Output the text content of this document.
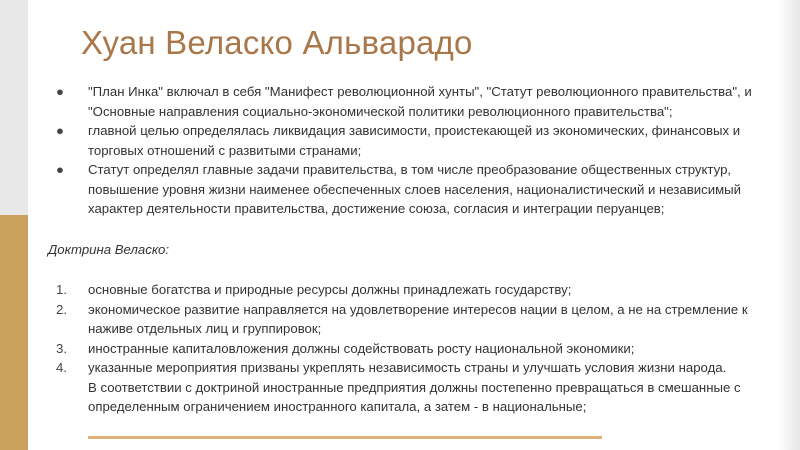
Хуан Веласко Альварадо
● "План Инка" включал в себя "Манифест революционной хунты", "Статут революционного правительства", и "Основные направления социально-экономической политики революционного правительства";

● главной целью определялась ликвидация зависимости, проистекающей из экономических, финансовых и торговых отношений с развитыми странами;

● Статут определял главные задачи правительства, в том числе преобразование общественных структур, повышение уровня жизни наименее обеспеченных слоев населения, националистический и независимый характер деятельности правительства, достижение союза, согласия и интеграции перуанцев;

Доктрина Веласко:

1. основные богатства и природные ресурсы должны принадлежать государству;

2. экономическое развитие направляется на удовлетворение интересов нации в целом, а не на стремление к наживе отдельных лиц и группировок;

3. иностранные капиталовложения должны содействовать росту национальной экономики;

4. указанные мероприятия призваны укреплять независимость страны и улучшать условия жизни народа.

В соответствии с доктриной иностранные предприятия должны постепенно превращаться в смешанные с определенным ограничением иностранного капитала, а затем - в национальные;
